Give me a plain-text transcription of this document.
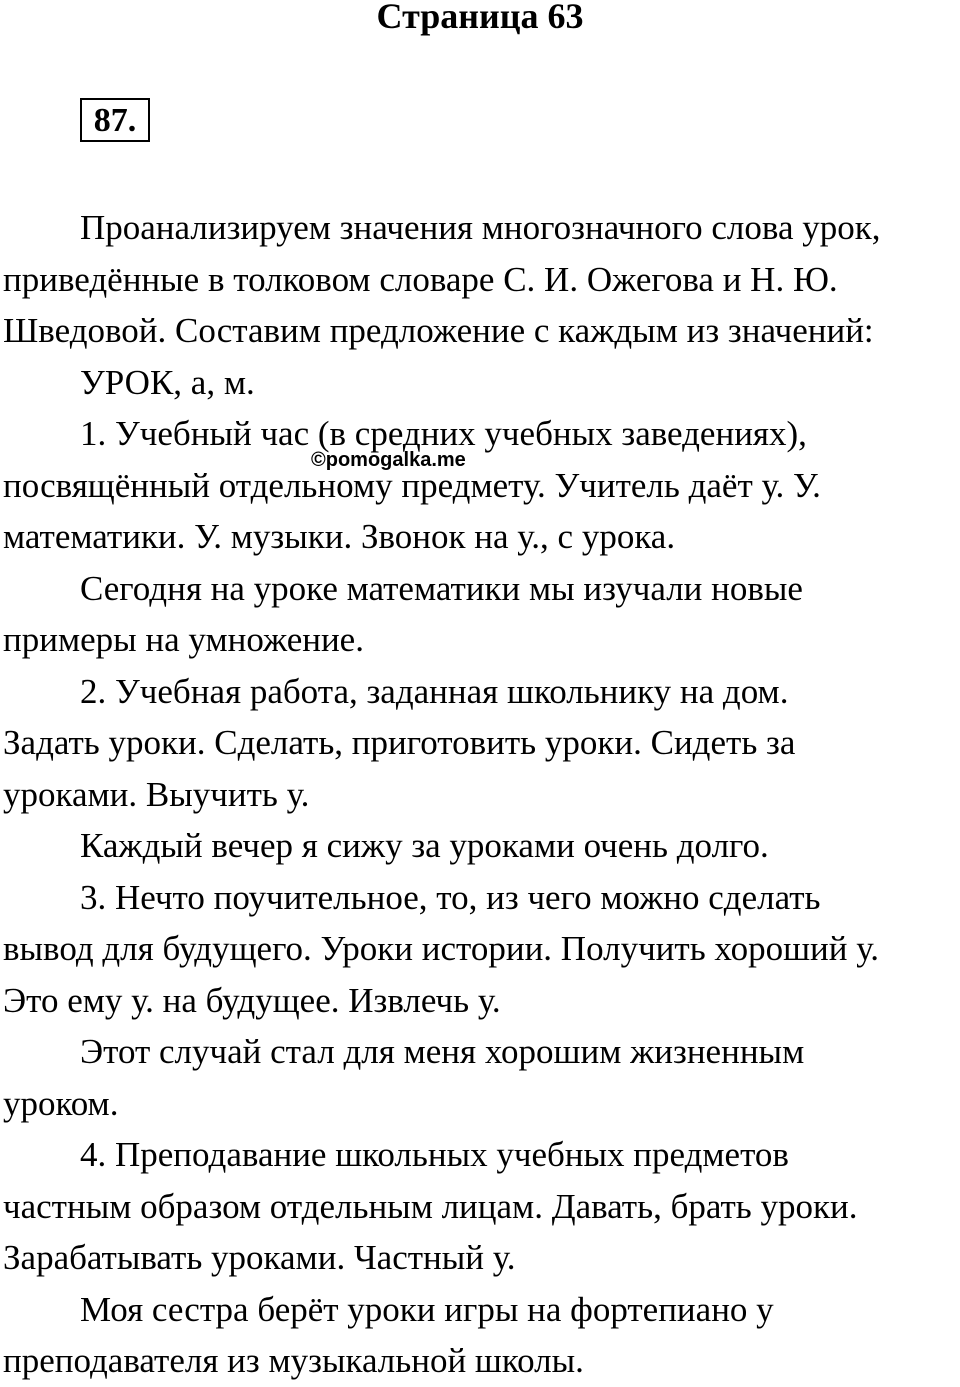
Страница 63
87.
Проанализируем значения многозначного слова урок,
приведённые в толковом словаре С. И. Ожегова и Н. Ю.
Шведовой. Составим предложение с каждым из значений:
УРОК, а, м.
1. Учебный час (в средних учебных заведениях),
посвящённый отдельному предмету. Учитель даёт у. У.
математики. У. музыки. Звонок на у., с урока.
Сегодня на уроке математики мы изучали новые
примеры на умножение.
2. Учебная работа, заданная школьнику на дом.
Задать уроки. Сделать, приготовить уроки. Сидеть за
уроками. Выучить у.
Каждый вечер я сижу за уроками очень долго.
3. Нечто поучительное, то, из чего можно сделать
вывод для будущего. Уроки истории. Получить хороший у.
Это ему у. на будущее. Извлечь у.
Этот случай стал для меня хорошим жизненным
уроком.
4. Преподавание школьных учебных предметов
частным образом отдельным лицам. Давать, брать уроки.
Зарабатывать уроками. Частный у.
Моя сестра берёт уроки игры на фортепиано у
преподавателя из музыкальной школы.
©pomogalka.me
